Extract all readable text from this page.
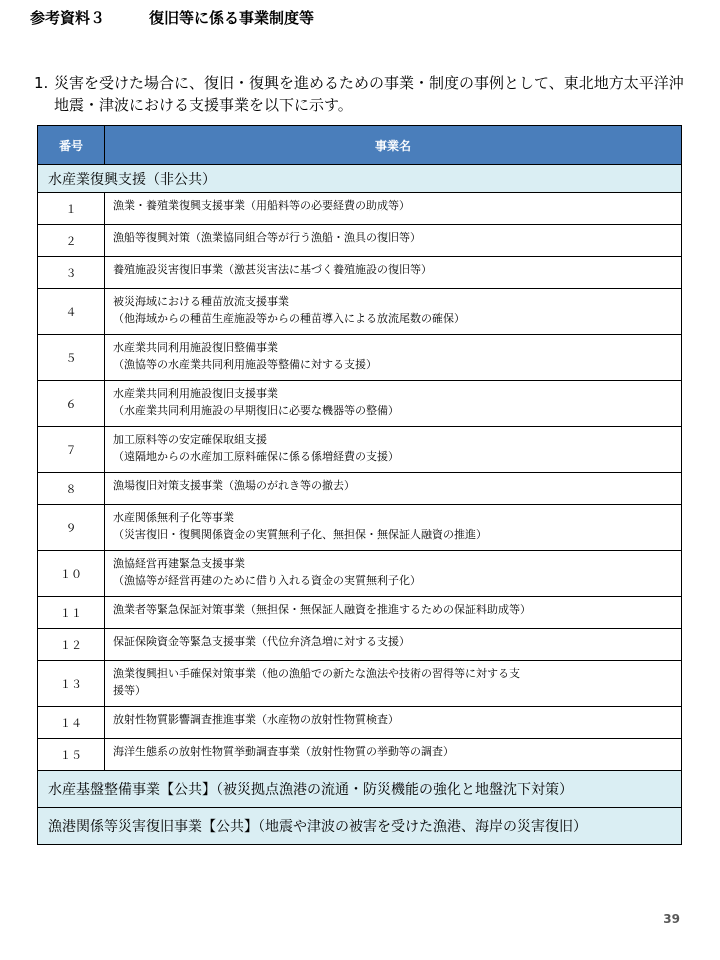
参考資料３	復旧等に係る事業制度等
1. 災害を受けた場合に、復旧・復興を進めるための事業・制度の事例として、東北地方太平洋沖地震・津波における支援事業を以下に示す。
番号	事業名
水産業復興支援（非公共）	
１	漁業・養殖業復興支援事業（用船料等の必要経費の助成等）

２	漁船等復興対策（漁業協同組合等が行う漁船・漁具の復旧等）

３	養殖施設災害復旧事業（激甚災害法に基づく養殖施設の復旧等）

４	被災海域における種苗放流支援事業
（他海域からの種苗生産施設等からの種苗導入による放流尾数の確保）

５	水産業共同利用施設復旧整備事業
（漁協等の水産業共同利用施設等整備に対する支援）

６	水産業共同利用施設復旧支援事業
（水産業共同利用施設の早期復旧に必要な機器等の整備）

７	加工原料等の安定確保取組支援
（遠隔地からの水産加工原料確保に係る係増経費の支援）

８	漁場復旧対策支援事業（漁場のがれき等の撤去）

９	水産関係無利子化等事業
（災害復旧・復興関係資金の実質無利子化、無担保・無保証人融資の推進）

１０	漁協経営再建緊急支援事業
（漁協等が経営再建のために借り入れる資金の実質無利子化）

１１	漁業者等緊急保証対策事業（無担保・無保証人融資を推進するための保証料助成等）

１２	保証保険資金等緊急支援事業（代位弁済急増に対する支援）

１３	漁業復興担い手確保対策事業（他の漁船での新たな漁法や技術の習得等に対する支
援等）

１４	放射性物質影響調査推進事業（水産物の放射性物質検査）

１５	海洋生態系の放射性物質挙動調査事業（放射性物質の挙動等の調査）

水産基盤整備事業【公共】（被災拠点漁港の流通・防災機能の強化と地盤沈下対策）	
漁港関係等災害復旧事業【公共】（地震や津波の被害を受けた漁港、海岸の災害復旧）	
39
